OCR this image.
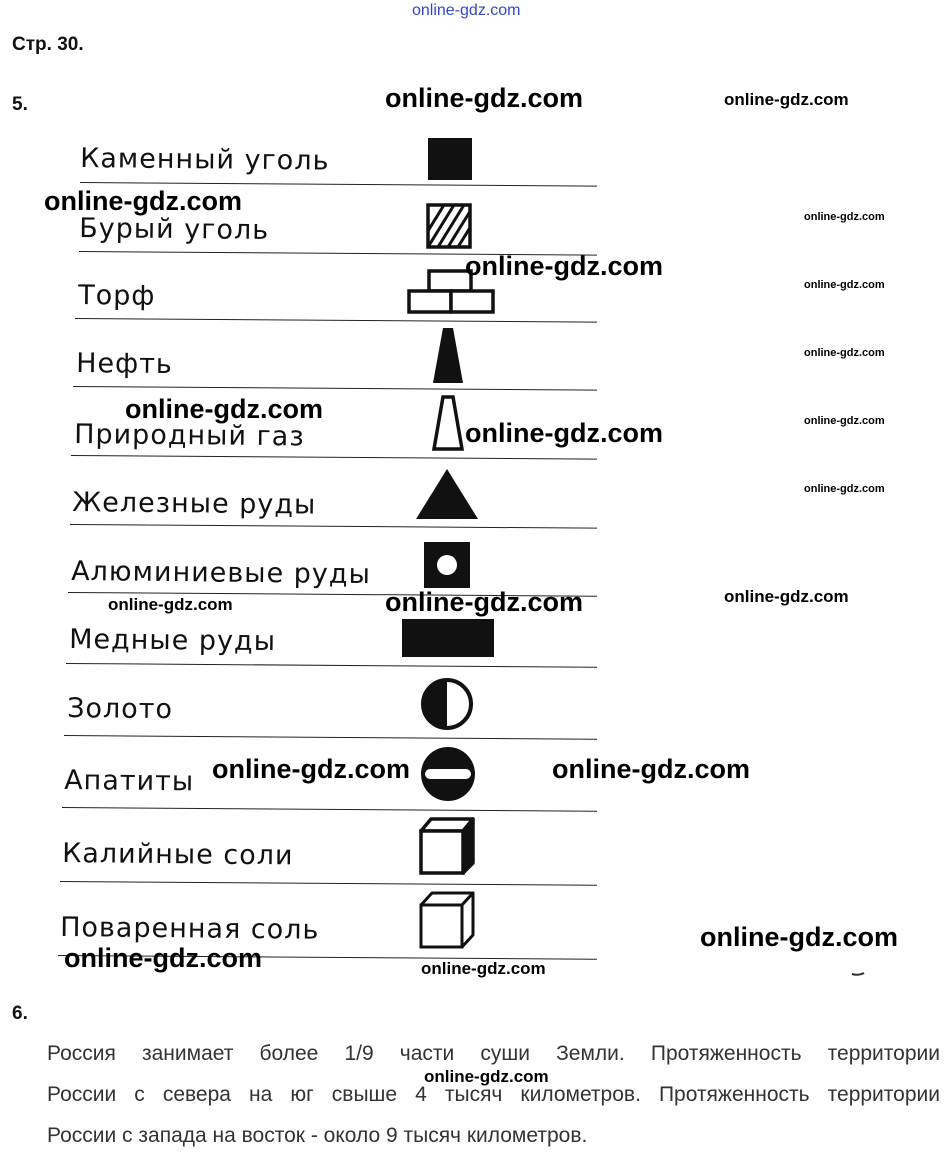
online-gdz.com
Стр. 30.
5.
Каменный уголь
Бурый уголь
Торф
Нефть
Природный газ
Железные руды
Алюминиевые руды
Медные руды
Золото
Апатиты
Калийные соли
Поваренная соль
online-gdz.com	online-gdz.com
online-gdz.com
online-gdz.com
online-gdz.com
online-gdz.com
online-gdz.com
online-gdz.com	online-gdz.com
online-gdz.com
online-gdz.com
online-gdz.com
online-gdz.com	online-gdz.com
online-gdz.com	online-gdz.com
online-gdz.com
online-gdz.com	online-gdz.com
6.
Россия занимает более 1/9 части суши Земли. Протяженность территории
России с севера на юг свыше 4 тысяч километров. Протяженность территории
России с запада на восток - около 9 тысяч километров.
online-gdz.com
